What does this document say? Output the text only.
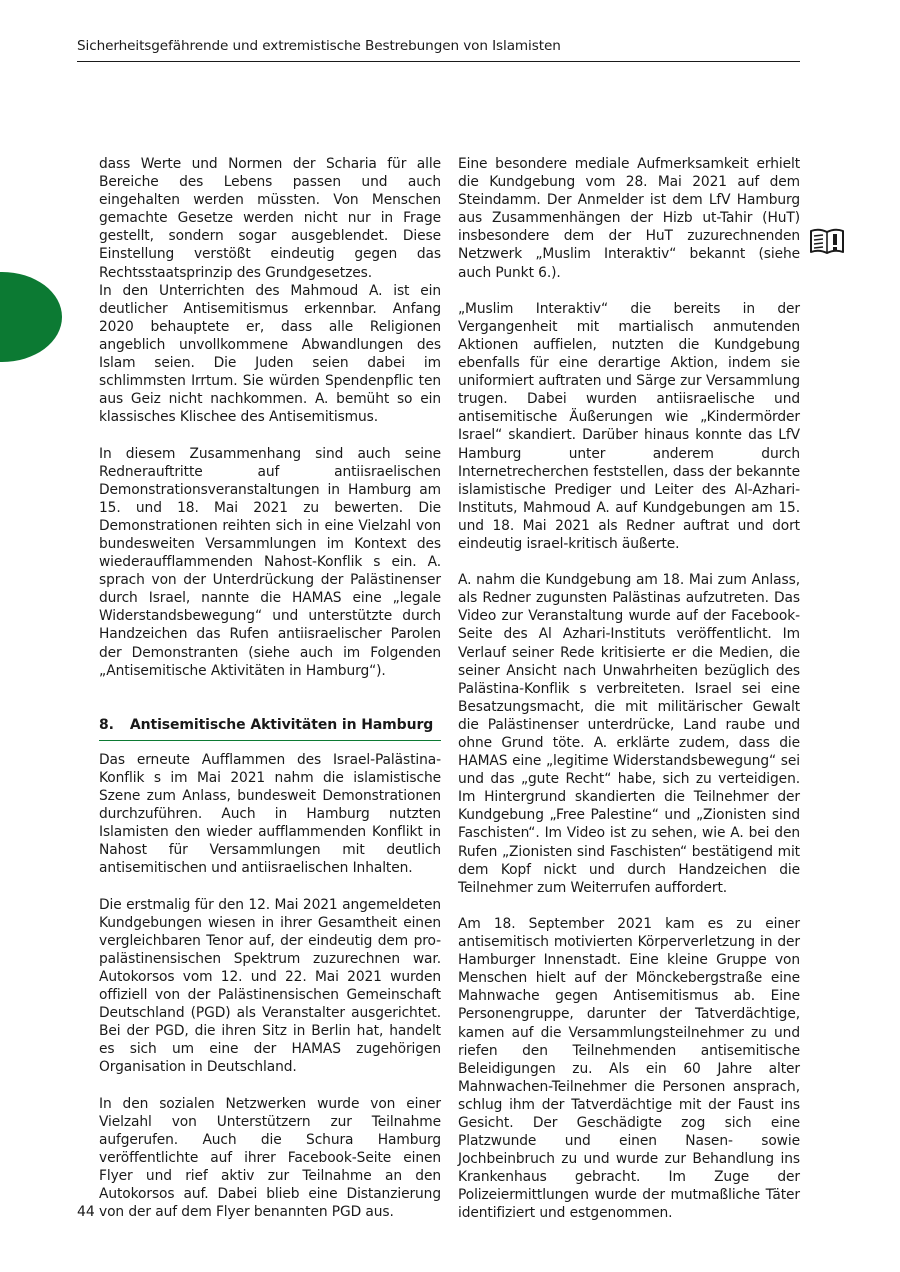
Sicherheitsgefährende und extremistische Bestrebungen von Islamisten

dass Werte und Normen der Scharia für alle Bereiche des Lebens passen und auch eingehalten werden müssten. Von Menschen gemachte Gesetze werden nicht nur in Frage gestellt, sondern sogar ausgeblendet. Diese Einstellung verstößt eindeutig gegen das Rechtsstaatsprinzip des Grundgesetzes.

In den Unterrichten des Mahmoud A. ist ein deutlicher Antisemitismus erkennbar. Anfang 2020 behauptete er, dass alle Religionen angeblich unvollkommene Abwandlungen des Islam seien. Die Juden seien dabei im schlimmsten Irrtum. Sie würden Spendenpflic ten aus Geiz nicht nachkommen. A. bemüht so ein klassisches Klischee des Antisemitismus.

In diesem Zusammenhang sind auch seine Rednerauftritte auf antiisraelischen Demonstrationsveranstaltungen in Hamburg am 15. und 18. Mai 2021 zu bewerten. Die Demonstrationen reihten sich in eine Vielzahl von bundesweiten Versammlungen im Kontext des wiederaufflammenden Nahost-Konflik s ein. A. sprach von der Unterdrückung der Palästinenser durch Israel, nannte die HAMAS eine „legale Widerstandsbewegung“ und unterstützte durch Handzeichen das Rufen antiisraelischer Parolen der Demonstranten (siehe auch im Folgenden „Antisemitische Aktivitäten in Hamburg“).

8. Antisemitische Aktivitäten in Hamburg

Das erneute Aufflammen des Israel-Palästina-Konflik s im Mai 2021 nahm die islamistische Szene zum Anlass, bundesweit Demonstrationen durchzuführen. Auch in Hamburg nutzten Islamisten den wieder aufflammenden Konflikt in Nahost für Versammlungen mit deutlich antisemitischen und antiisraelischen Inhalten.

Die erstmalig für den 12. Mai 2021 angemeldeten Kundgebungen wiesen in ihrer Gesamtheit einen vergleichbaren Tenor auf, der eindeutig dem pro-palästinensischen Spektrum zuzurechnen war. Autokorsos vom 12. und 22. Mai 2021 wurden offiziell von der Palästinensischen Gemeinschaft Deutschland (PGD) als Veranstalter ausgerichtet. Bei der PGD, die ihren Sitz in Berlin hat, handelt es sich um eine der HAMAS zugehörigen Organisation in Deutschland.

In den sozialen Netzwerken wurde von einer Vielzahl von Unterstützern zur Teilnahme aufgerufen. Auch die Schura Hamburg veröffentlichte auf ihrer Facebook-Seite einen Flyer und rief aktiv zur Teilnahme an den Autokorsos auf. Dabei blieb eine Distanzierung von der auf dem Flyer benannten PGD aus.

Eine besondere mediale Aufmerksamkeit erhielt die Kundgebung vom 28. Mai 2021 auf dem Steindamm. Der Anmelder ist dem LfV Hamburg aus Zusammenhängen der Hizb ut-Tahir (HuT) insbesondere dem der HuT zuzurechnenden Netzwerk „Muslim Interaktiv“ bekannt (siehe auch Punkt 6.).

„Muslim Interaktiv“ die bereits in der Vergangenheit mit martialisch anmutenden Aktionen auffielen, nutzten die Kundgebung ebenfalls für eine derartige Aktion, indem sie uniformiert auftraten und Särge zur Versammlung trugen. Dabei wurden antiisraelische und antisemitische Äußerungen wie „Kindermörder Israel“ skandiert. Darüber hinaus konnte das LfV Hamburg unter anderem durch Internetrecherchen feststellen, dass der bekannte islamistische Prediger und Leiter des Al-Azhari-Instituts, Mahmoud A. auf Kundgebungen am 15. und 18. Mai 2021 als Redner auftrat und dort eindeutig israel-kritisch äußerte.

A. nahm die Kundgebung am 18. Mai zum Anlass, als Redner zugunsten Palästinas aufzutreten. Das Video zur Veranstaltung wurde auf der Facebook-Seite des Al Azhari-Instituts veröffentlicht. Im Verlauf seiner Rede kritisierte er die Medien, die seiner Ansicht nach Unwahrheiten bezüglich des Palästina-Konflik s verbreiteten. Israel sei eine Besatzungsmacht, die mit militärischer Gewalt die Palästinenser unterdrücke, Land raube und ohne Grund töte. A. erklärte zudem, dass die HAMAS eine „legitime Widerstandsbewegung“ sei und das „gute Recht“ habe, sich zu verteidigen. Im Hintergrund skandierten die Teilnehmer der Kundgebung „Free Palestine“ und „Zionisten sind Faschisten“. Im Video ist zu sehen, wie A. bei den Rufen „Zionisten sind Faschisten“ bestätigend mit dem Kopf nickt und durch Handzeichen die Teilnehmer zum Weiterrufen auffordert.

Am 18. September 2021 kam es zu einer antisemitisch motivierten Körperverletzung in der Hamburger Innenstadt. Eine kleine Gruppe von Menschen hielt auf der Mönckebergstraße eine Mahnwache gegen Antisemitismus ab. Eine Personengruppe, darunter der Tatverdächtige, kamen auf die Versammlungsteilnehmer zu und riefen den Teilnehmenden antisemitische Beleidigungen zu. Als ein 60 Jahre alter Mahnwachen-Teilnehmer die Personen ansprach, schlug ihm der Tatverdächtige mit der Faust ins Gesicht. Der Geschädigte zog sich eine Platzwunde und einen Nasen- sowie Jochbeinbruch zu und wurde zur Behandlung ins Krankenhaus gebracht. Im Zuge der Polizeiermittlungen wurde der mutmaßliche Täter identifiziert und estgenommen.

44
